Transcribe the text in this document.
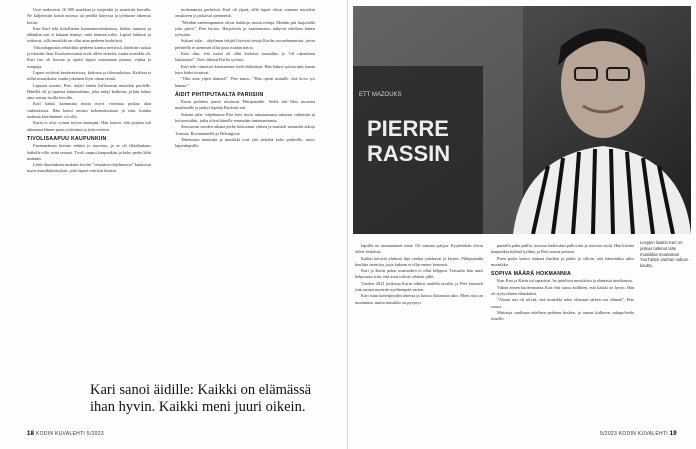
Urut maksoivat 16 000 markkaa ja työpenkit ja saatettiin kerralla. Ne kuljetettiin kotiin autossa tai perältä kärryssä ja työhuone rakentui kotiin.

Kun Karl teki kiitollisena kunnianosoituksensa, kaikki muuttui ja tähänkin asti ei kukaan tiennyt, mitä hänestä tulisi. Lapset laulavat ja soittavat, sillä musiikki on ollut aina perheen keskiössä.

Viikonloppuisin retkeiltiin perheen kanssa metsissä, laitettiin ruokaa ja istuttiin iltaa. Kouluarvosanat eivät olleet tärkeitä, mutta musiikki oli. Karl itse oli kotona ja opetti lapsia soittamaan pianoa, viulua ja rumpuja.

Lapset soittivat kesäteatterissa, kirkossa ja tilaisuuksissa. Kaikista ei tullut muusikoita, mutta jokainen löysi oman tiensä.

Lapsista nuorin, Pete, näytti eniten kallistuvan musiikin puolelle. Hänellä oli jo lapsena kunnianhimo, joka näkyi kaikessa, ja hän halusi aina soittaa isoilla lavoilla.

Karl halusi kannustaa mutta myös varoittaa poikaa alan vaikeuksista. Hän kertoi omista kokemuksistaan ja siitä, kuinka raskasta kiertäminen voi olla.

Karin ei olisi voinut toivoa enempää. Hän kertoo, että pojasta tuli aikuisena hänen paras ystävänsä ja työtoverinsa.

TIVOLISAAPUU KAUPUNKIIN

Ensimmäinen kiertue tehtiin jo nuorena, ja se oli lähtölaukaus kaikelle sille, mitä seurasi. Tivoli saapui kaupunkiin ja koko perhe lähti mukaan.

Lehti-ilmoituksen mukaan tivolin ”sensaatio-ohjelmiston” kuuluivat myös musiikkiesitykset, joita lapset esittivät iltaisin.

molemmista perheistä. Karl oli ylpeä, sillä lapset olivat ottaneet musiikin omakseen ja jatkoivat perinnettä.

”Meidän vanhempamme olivat tiukkoja, mutta reiluja. Meidän piti harjoitella joka päivä”, Pete kertoo. Harjoittelu ja vaatimustaso näkyvät edelleen hänen työssään.

Sukuni salat – ohjelman tekijät löysivät tietoja Karlin isovanhemmista, joista perheellä ei aiemmin ollut juuri mitään tietoa.

Kävi ilmi, että isoisä oli ollut kiertävä muusikko ja ”oli rakastanut laulamista”. Tieto liikutti Karlia syvästi.

Karl teki viimeiset kiertueensa vielä eläkeiässä. Hän halusi soittaa niin kauan kuin kädet toimivat.

”Olin aina ylpeä hänestä”, Pete sanoo. ”Hän opetti minulle, että kova työ kantaa.”

ÄIDIT PIHTIPUTAALTA PARIISIIN

Karin perheen juuret ulottuvat Pihtiputaalle. Sieltä äiti lähti nuorena maailmalle ja päätyi lopulta Pariisiin asti.

Sukuni salat -ohjelmassa Pete kävi myös tutustumassa sukunsa vaiheisiin ja kotiseutuihin, jotka olivat hänelle ennestään tuntemattomia.

Seuraavan vuoden aikana perhe kokoontui yhteen ja muisteli menneitä aikoja Turussa, Rovaniemellä ja Helsingissä.

Tekemisen meininki ja musiikki ovat yhä tärkeitä koko perheelle, myös lapsenlapsille.

Kari sanoi äidille: Kaikki on elämässä ihan hyvin. Kaikki meni juuri oikein.
18 KODIN KUVALEHTI 5/2023
ETT MAZOUKS
PIERRE
RASSIN
Levyjen lisäksi Karl on joskus tutkinut isän musiikkia muutaman YouTuben vanhan videon kautta.

lapsilla ne samantaimet nenä. Oli saavutu paljon. Kyynelehän olivat olleet herkässä.

Kaikki kävivät yhdessä läpi vanhat valokuvat ja kirjeet. Pihtiputaalla kuultiin tarinoita, joita kukaan ei ollut ennen kertonut.

Kari ja Karin paluu muistoihin ei ollut helppoa. Toisaalta hän tunsi helpotusta siitä, että asiat tulivat vihdoin julki.

Vuoden 2021 juoksuja Karin tulkitsi uudella tavalla, ja Pete kuunteli isän tarinat muistiin myöhempää varten.

Kari istuu kahvipöydän ääressä ja katsoo ikkunasta ulos. Moni asia on muuttunut, mutta musiikki on pysynyt.

putaalla puku päällä, toisessa kädessään pulloviini ja toisessa viulu. Hän kiertää kaupunkia kylästä kylään, ja Pete seuraa perässä.

Pieni poika katsoi isäänsä ihaillen ja päätti jo silloin, että hänestäkin tulee muusikko.

SOPIVA MÄÄRÄ HOKMANNIA

Kun Kari ja Karin isä tapasivat, he juttelivat musiikista ja elämästä tuntikausia.

Vähän ennen kuolemaansa Kari ehti sanoa äidilleen, että kaikki on hyvin. Hän oli tyytyväinen elämäänsä.

”Alusta asti oli selvää, että musiikki tulee olemaan tärkeä osa elämää”, Pete sanoo.

Muistoja vaalitaan edelleen perheen kesken, ja tarinat kulkevat sukupolvelta toiselle.

5/2023 KODIN KUVALEHTI 19
